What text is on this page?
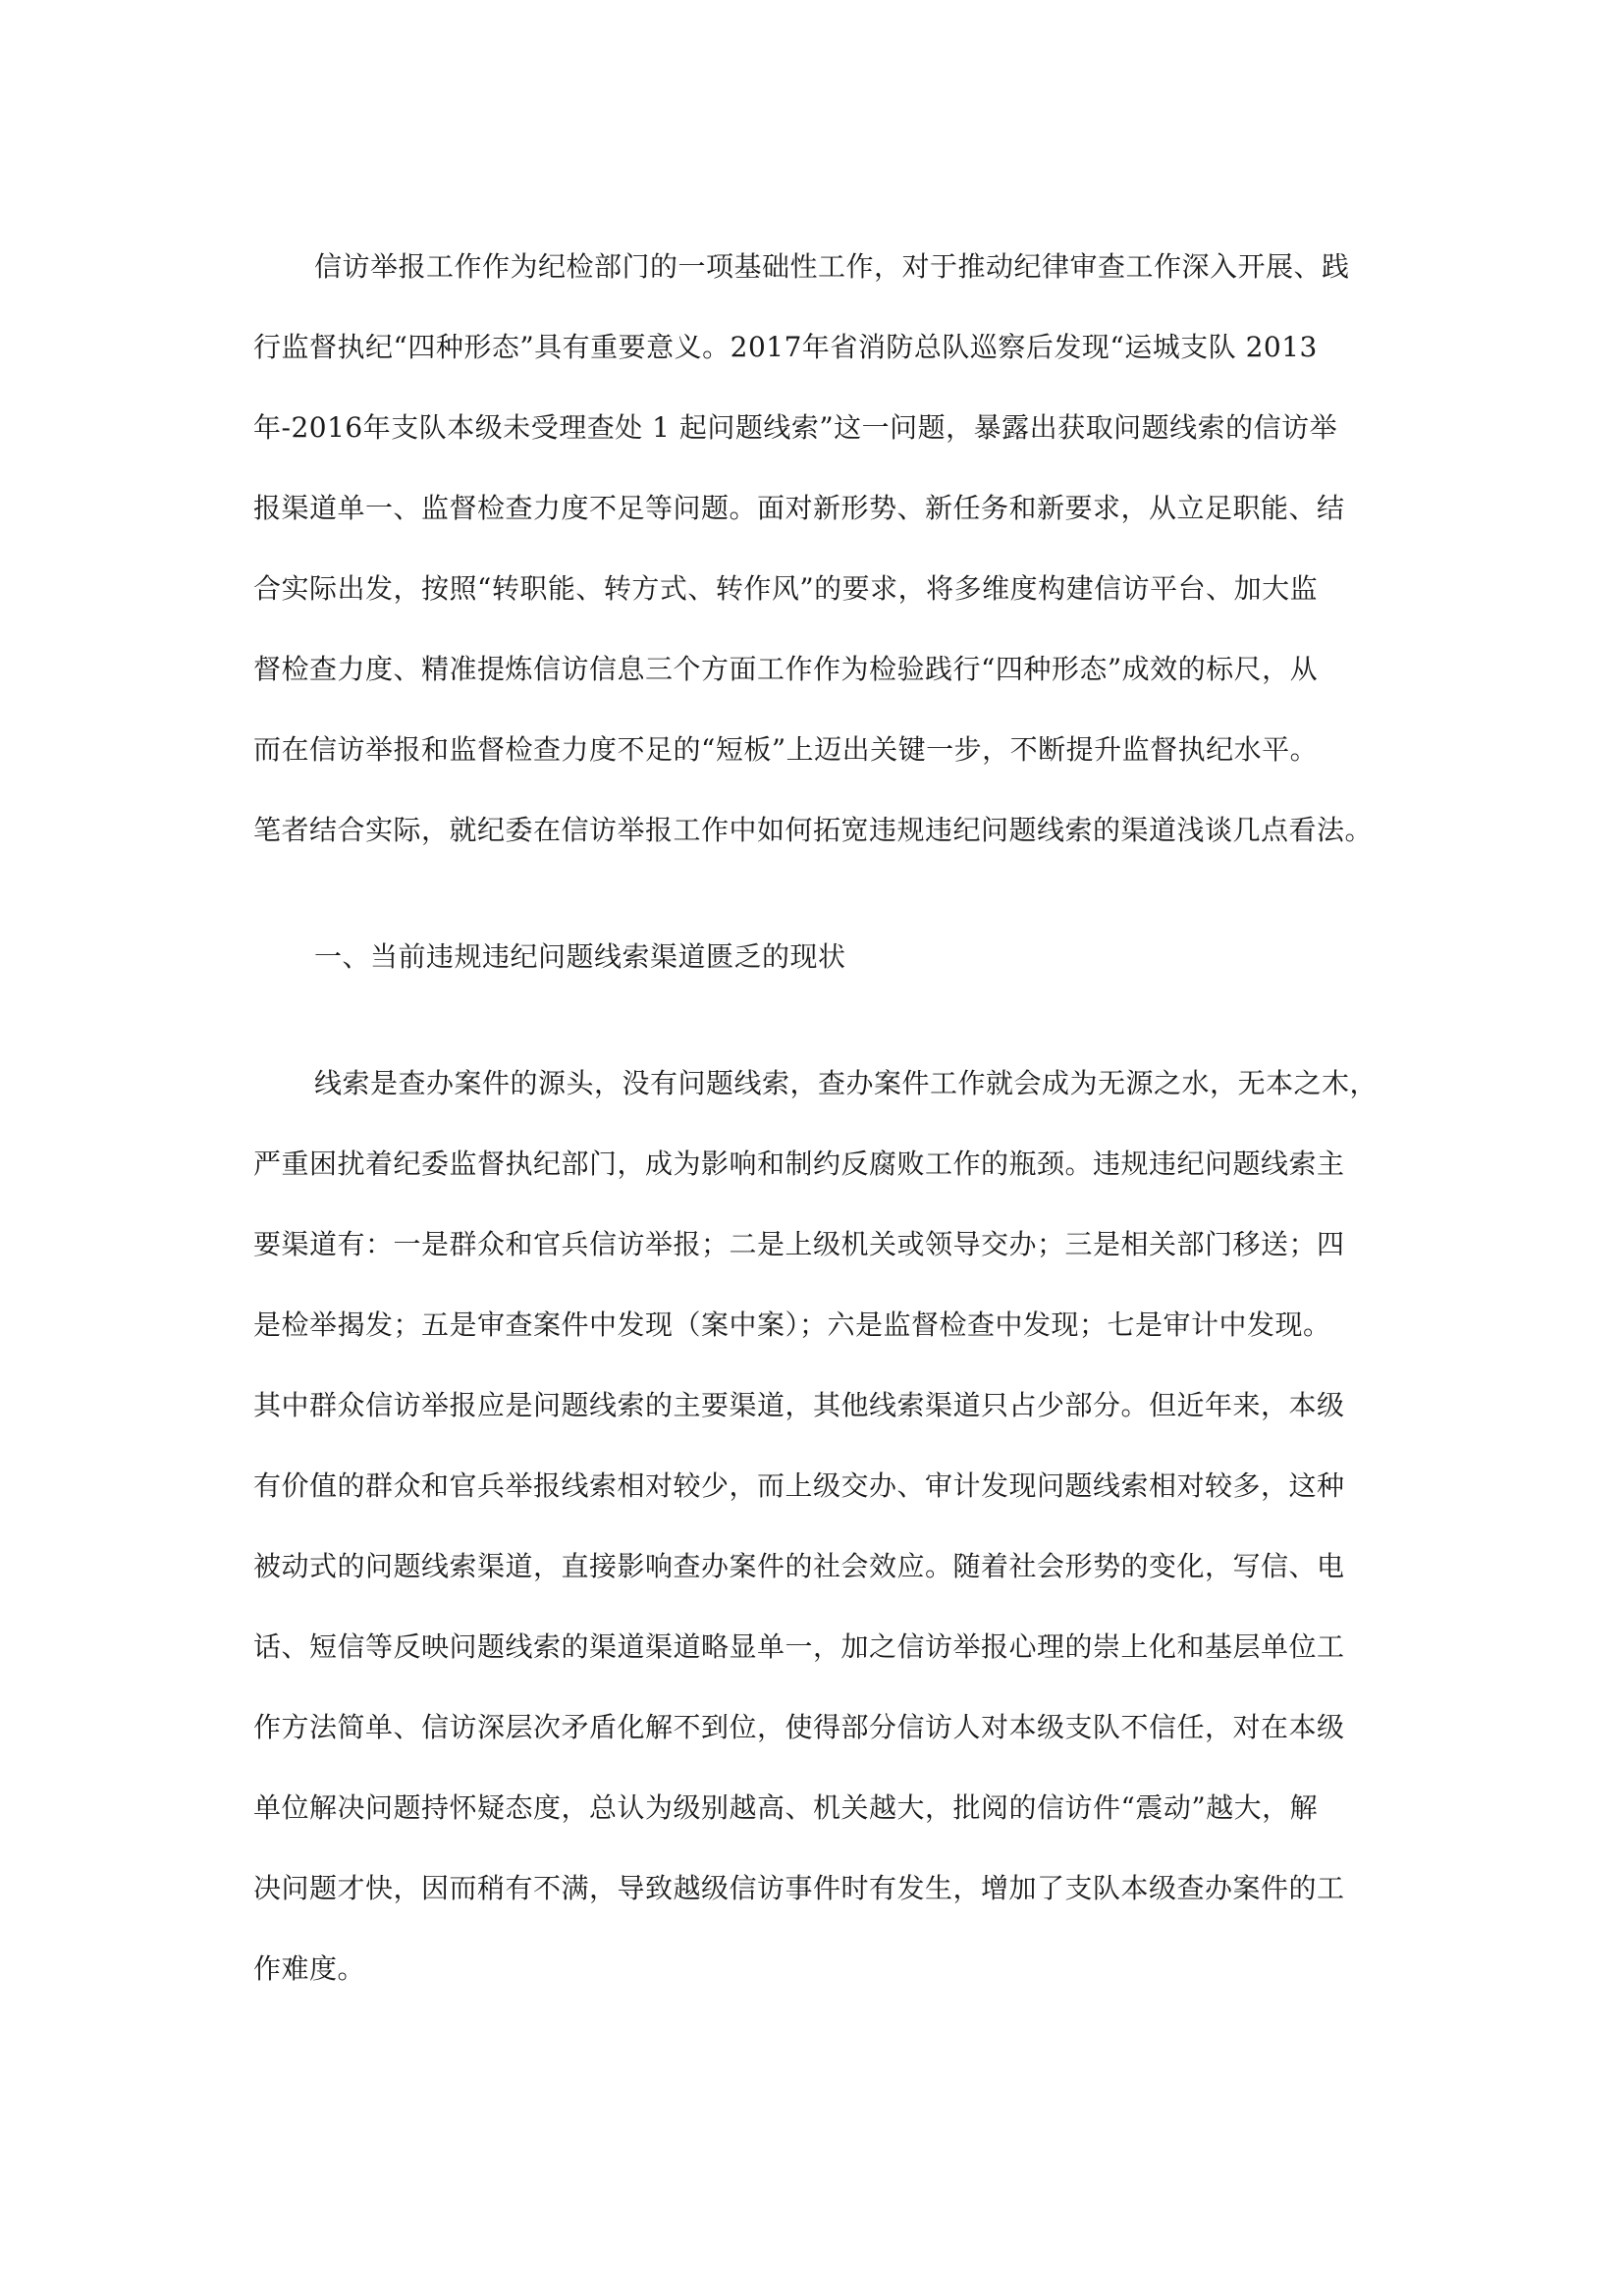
信访举报工作作为纪检部门的一项基础性工作，对于推动纪律审查工作深入开展、践
行监督执纪“四种形态”具有重要意义。2017年省消防总队巡察后发现“运城支队 2013
年-2016年支队本级未受理查处 1 起问题线索”这一问题，暴露出获取问题线索的信访举
报渠道单一、监督检查力度不足等问题。面对新形势、新任务和新要求，从立足职能、结
合实际出发，按照“转职能、转方式、转作风”的要求，将多维度构建信访平台、加大监
督检查力度、精准提炼信访信息三个方面工作作为检验践行“四种形态”成效的标尺，从
而在信访举报和监督检查力度不足的“短板”上迈出关键一步，不断提升监督执纪水平。
笔者结合实际，就纪委在信访举报工作中如何拓宽违规违纪问题线索的渠道浅谈几点看法。
一、当前违规违纪问题线索渠道匮乏的现状
线索是查办案件的源头，没有问题线索，查办案件工作就会成为无源之水，无本之木，
严重困扰着纪委监督执纪部门，成为影响和制约反腐败工作的瓶颈。违规违纪问题线索主
要渠道有：一是群众和官兵信访举报；二是上级机关或领导交办；三是相关部门移送；四
是检举揭发；五是审查案件中发现（案中案）；六是监督检查中发现；七是审计中发现。
其中群众信访举报应是问题线索的主要渠道，其他线索渠道只占少部分。但近年来，本级
有价值的群众和官兵举报线索相对较少，而上级交办、审计发现问题线索相对较多，这种
被动式的问题线索渠道，直接影响查办案件的社会效应。随着社会形势的变化，写信、电
话、短信等反映问题线索的渠道渠道略显单一，加之信访举报心理的崇上化和基层单位工
作方法简单、信访深层次矛盾化解不到位，使得部分信访人对本级支队不信任，对在本级
单位解决问题持怀疑态度，总认为级别越高、机关越大，批阅的信访件“震动”越大，解
决问题才快，因而稍有不满，导致越级信访事件时有发生，增加了支队本级查办案件的工
作难度。
